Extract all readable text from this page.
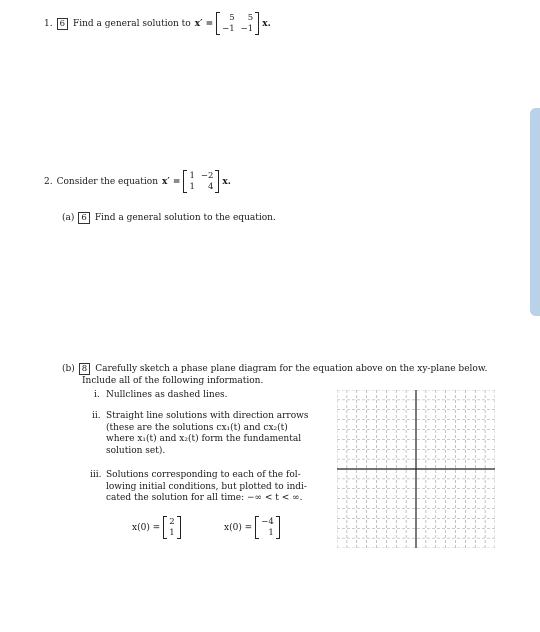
1. 6 Find a general solution to x′ =
5	5
−1 −1
x.
2. Consider the equation x′ =
1 −2
1	4
x.
(a) 6 Find a general solution to the equation.
(b) 8 Carefully sketch a phase plane diagram for the equation above on the xy-plane below.
Include all of the following information.
i. Nullclines as dashed lines.
ii. Straight line solutions with direction arrows
(these are the solutions cx₁(t) and cx₂(t)
where x₁(t) and x₂(t) form the fundamental
solution set).
iii. Solutions corresponding to each of the fol-
lowing initial conditions, but plotted to indi-
cated the solution for all time: −∞ < t < ∞.
x(0) =
2
1
x(0) =
−4
1
